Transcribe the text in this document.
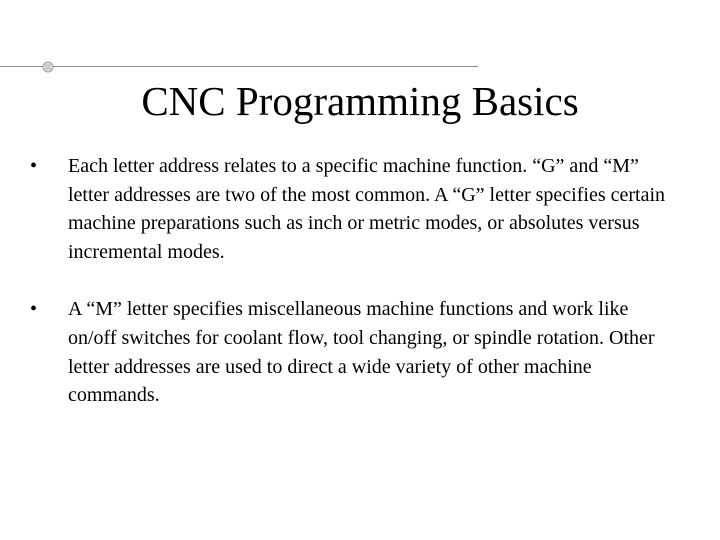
CNC Programming Basics
•	Each letter address relates to a specific machine function. “G” and “M” letter addresses are two of the most common. A “G” letter specifies certain machine preparations such as inch or metric modes, or absolutes versus incremental modes.
•	A “M” letter specifies miscellaneous machine functions and work like on/off switches for coolant flow, tool changing, or spindle rotation. Other letter addresses are used to direct a wide variety of other machine commands.
